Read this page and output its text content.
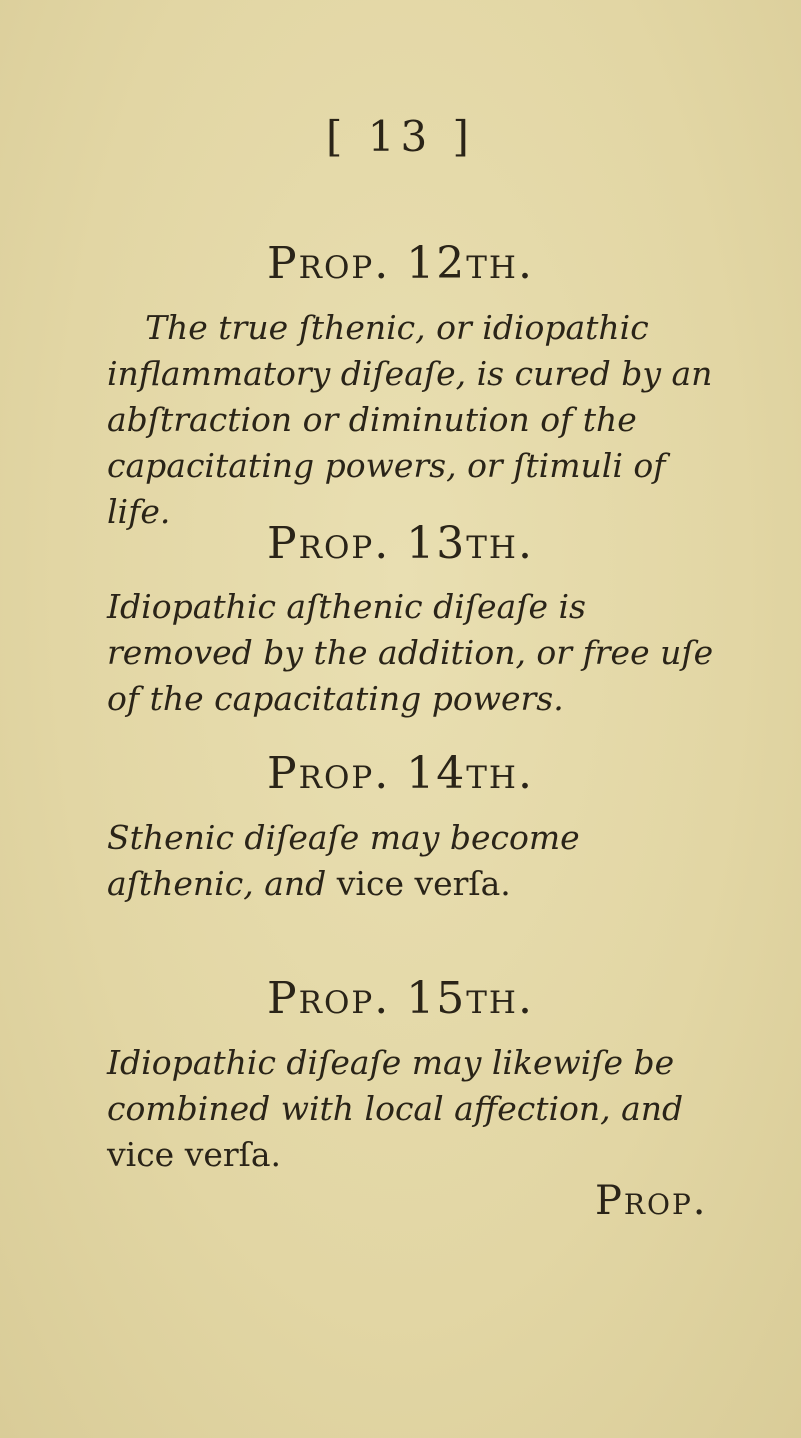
[ 13 ]
Prop. 12th.

The true ſthenic, or idiopathic inflammatory diſeaſe, is cured by an abſtraction or diminution of the capacitating powers, or ſtimuli of life.

Prop. 13th.

Idiopathic aſthenic diſeaſe is removed by the addition, or free uſe of the capacitating powers.

Prop. 14th.

Sthenic diſeaſe may become aſthenic, and vice verſa.

Prop. 15th.

Idiopathic diſeaſe may likewiſe be combined with local affection, and vice verſa.

Prop.
